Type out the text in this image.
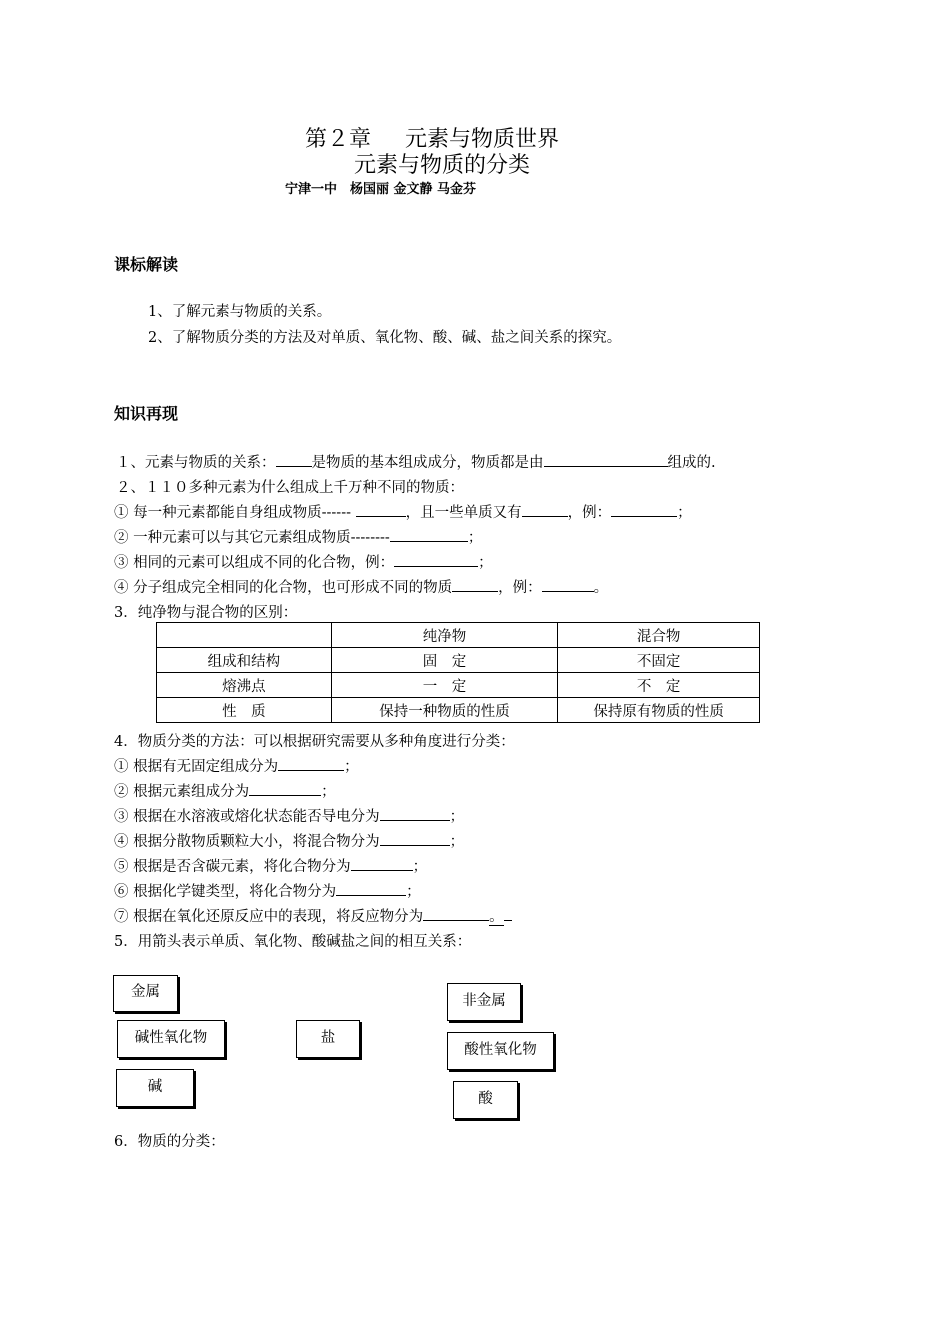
第２章 元素与物质世界
元素与物质的分类
宁津一中　杨国丽 金文静 马金芬
课标解读
1、了解元素与物质的关系。
2、了解物质分类的方法及对单质、氧化物、酸、碱、盐之间关系的探究。
知识再现
１、元素与物质的关系： 是物质的基本组成成分，物质都是由	组成的.
２、１１０多种元素为什么组成上千万种不同的物质：
① 每一种元素都能自身组成物质------	，且一些单质又有	，例：	；
② 一种元素可以与其它元素组成物质--------	；
③ 相同的元素可以组成不同的化合物，例：	；
④ 分子组成完全相同的化合物，也可形成不同的物质	，例：	。
3．纯净物与混合物的区别：
	纯净物	混合物
组成和结构	固　定	不固定
熔沸点	一　定	不　定
性　质	保持一种物质的性质	保持原有物质的性质
4．物质分类的方法：可以根据研究需要从多种角度进行分类：
① 根据有无固定组成分为	；
② 根据元素组成分为	；
③ 根据在水溶液或熔化状态能否导电分为	；
④ 根据分散物质颗粒大小，将混合物分为	；
⑤ 根据是否含碳元素，将化合物分为	；
⑥ 根据化学键类型，将化合物分为	；
⑦ 根据在氧化还原反应中的表现，将反应物分为	。
5．用箭头表示单质、氧化物、酸碱盐之间的相互关系：
金属
碱性氧化物
碱
盐
非金属
酸性氧化物
酸
6．物质的分类：
